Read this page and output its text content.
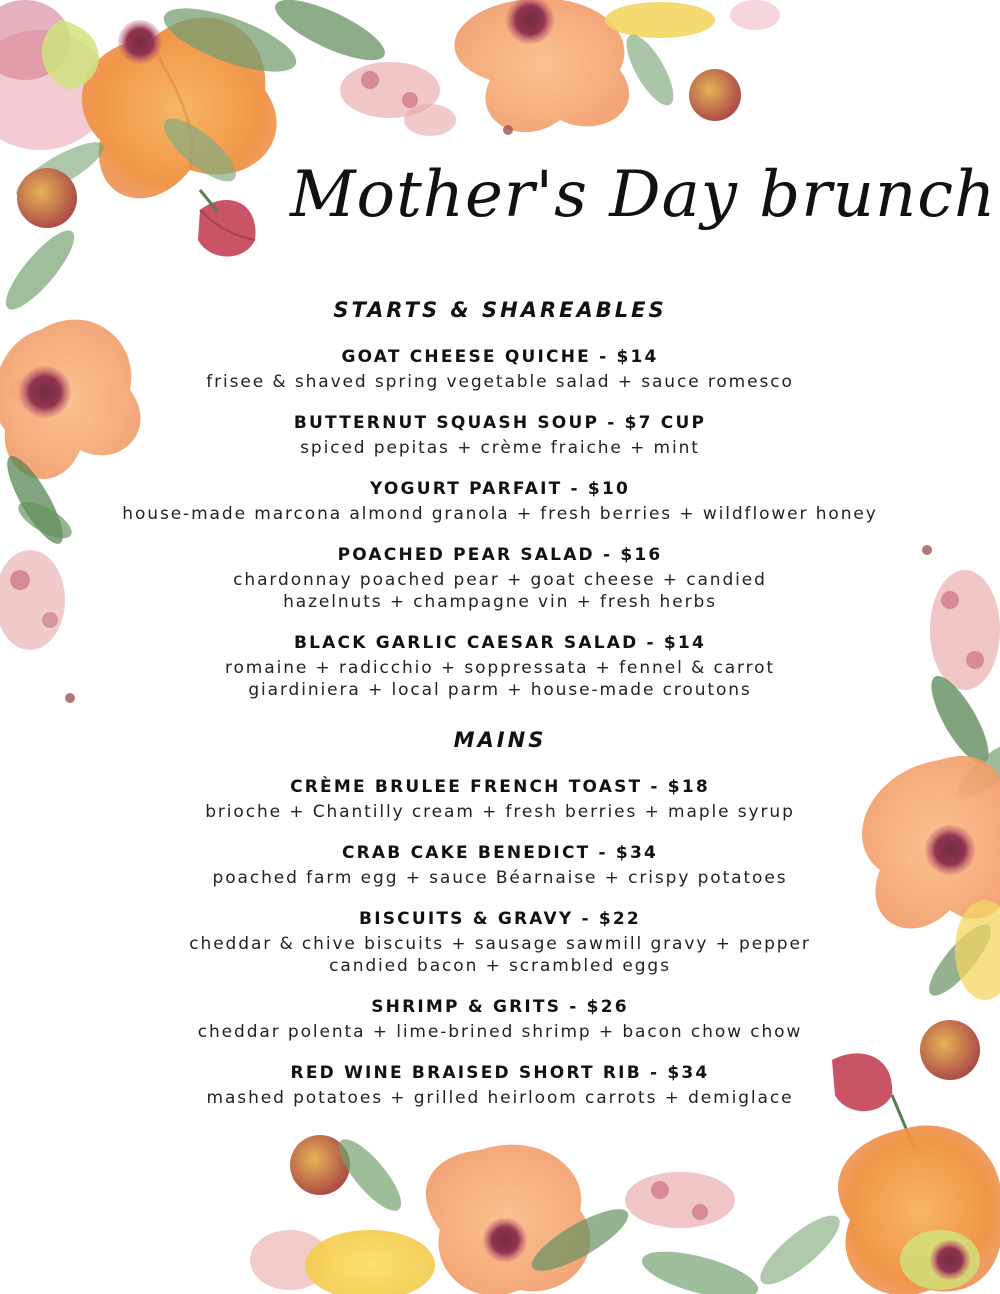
Mother's Day brunch
STARTS & SHAREABLES
GOAT CHEESE QUICHE - $14
frisee & shaved spring vegetable salad + sauce romesco
BUTTERNUT SQUASH SOUP - $7 CUP
spiced pepitas + crème fraiche + mint
YOGURT PARFAIT - $10
house-made marcona almond granola + fresh berries + wildflower honey
POACHED PEAR SALAD - $16
chardonnay poached pear + goat cheese + candied
hazelnuts + champagne vin + fresh herbs
BLACK GARLIC CAESAR SALAD - $14
romaine + radicchio + soppressata + fennel & carrot
giardiniera + local parm + house-made croutons
MAINS
CRÈME BRULEE FRENCH TOAST - $18
brioche + Chantilly cream + fresh berries + maple syrup
CRAB CAKE BENEDICT - $34
poached farm egg + sauce Béarnaise + crispy potatoes
BISCUITS & GRAVY - $22
cheddar & chive biscuits + sausage sawmill gravy + pepper
candied bacon + scrambled eggs
SHRIMP & GRITS - $26
cheddar polenta + lime-brined shrimp + bacon chow chow
RED WINE BRAISED SHORT RIB - $34
mashed potatoes + grilled heirloom carrots + demiglace
